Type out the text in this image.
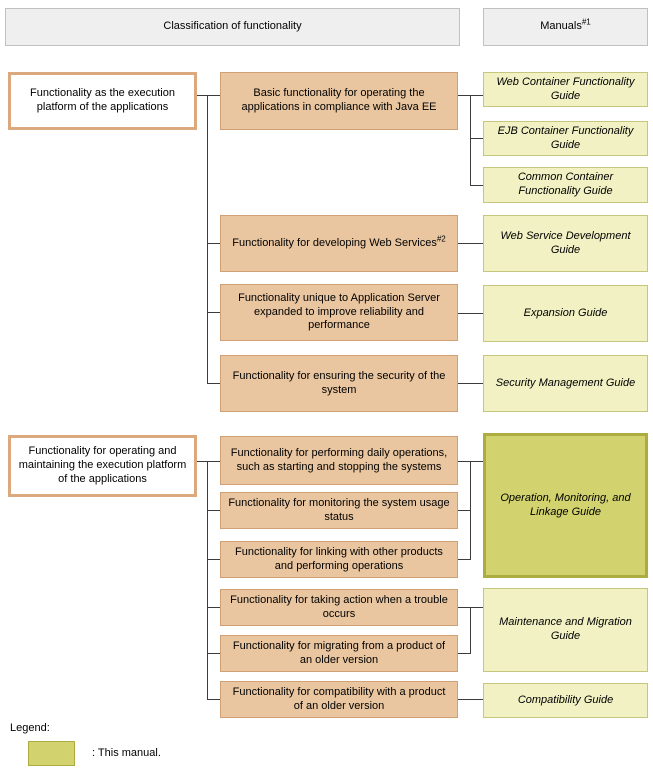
Classification of functionality	Manuals$^{\#1}$
Functionality as the execution platform of the applications
Basic functionality for operating the applications in compliance with Java EE
Functionality for developing Web Services$^{\#2}$
Functionality unique to Application Server expanded to improve reliability and performance
Functionality for ensuring the security of the system
Web Container Functionality Guide
EJB Container Functionality Guide
Common Container Functionality Guide
Web Service Development Guide
Expansion Guide
Security Management Guide
Functionality for operating and maintaining the execution platform of the applications
Functionality for performing daily operations, such as starting and stopping the systems
Functionality for monitoring the system usage status
Functionality for linking with other products and performing operations
Functionality for taking action when a trouble occurs
Functionality for migrating from a product of an older version
Functionality for compatibility with a product of an older version
Operation, Monitoring, and Linkage Guide
Maintenance and Migration Guide
Compatibility Guide
Legend:
: This manual.
